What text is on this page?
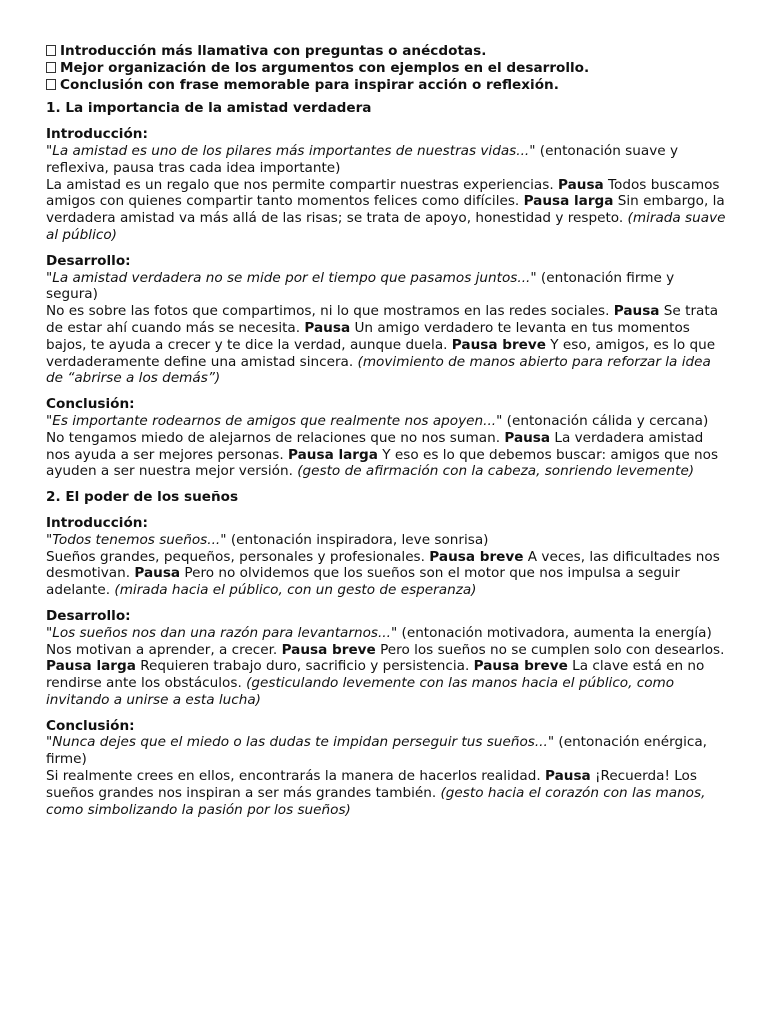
Introducción más llamativa con preguntas o anécdotas.
Mejor organización de los argumentos con ejemplos en el desarrollo.
Conclusión con frase memorable para inspirar acción o reflexión.
1. La importancia de la amistad verdadera

Introducción:

"La amistad es uno de los pilares más importantes de nuestras vidas..." (entonación suave y reflexiva, pausa tras cada idea importante)
La amistad es un regalo que nos permite compartir nuestras experiencias. Pausa Todos buscamos amigos con quienes compartir tanto momentos felices como difíciles. Pausa larga Sin embargo, la verdadera amistad va más allá de las risas; se trata de apoyo, honestidad y respeto. (mirada suave al público)

Desarrollo:

"La amistad verdadera no se mide por el tiempo que pasamos juntos..." (entonación firme y segura)
No es sobre las fotos que compartimos, ni lo que mostramos en las redes sociales. Pausa Se trata de estar ahí cuando más se necesita. Pausa Un amigo verdadero te levanta en tus momentos bajos, te ayuda a crecer y te dice la verdad, aunque duela. Pausa breve Y eso, amigos, es lo que verdaderamente define una amistad sincera. (movimiento de manos abierto para reforzar la idea de “abrirse a los demás”)

Conclusión:

"Es importante rodearnos de amigos que realmente nos apoyen..." (entonación cálida y cercana)
No tengamos miedo de alejarnos de relaciones que no nos suman. Pausa La verdadera amistad nos ayuda a ser mejores personas. Pausa larga Y eso es lo que debemos buscar: amigos que nos ayuden a ser nuestra mejor versión. (gesto de afirmación con la cabeza, sonriendo levemente)

2. El poder de los sueños

Introducción:

"Todos tenemos sueños..." (entonación inspiradora, leve sonrisa)
Sueños grandes, pequeños, personales y profesionales. Pausa breve A veces, las dificultades nos desmotivan. Pausa Pero no olvidemos que los sueños son el motor que nos impulsa a seguir adelante. (mirada hacia el público, con un gesto de esperanza)

Desarrollo:

"Los sueños nos dan una razón para levantarnos..." (entonación motivadora, aumenta la energía)
Nos motivan a aprender, a crecer. Pausa breve Pero los sueños no se cumplen solo con desearlos. Pausa larga Requieren trabajo duro, sacrificio y persistencia. Pausa breve La clave está en no rendirse ante los obstáculos. (gesticulando levemente con las manos hacia el público, como invitando a unirse a esta lucha)

Conclusión:

"Nunca dejes que el miedo o las dudas te impidan perseguir tus sueños..." (entonación enérgica, firme)
Si realmente crees en ellos, encontrarás la manera de hacerlos realidad. Pausa ¡Recuerda! Los sueños grandes nos inspiran a ser más grandes también. (gesto hacia el corazón con las manos, como simbolizando la pasión por los sueños)
